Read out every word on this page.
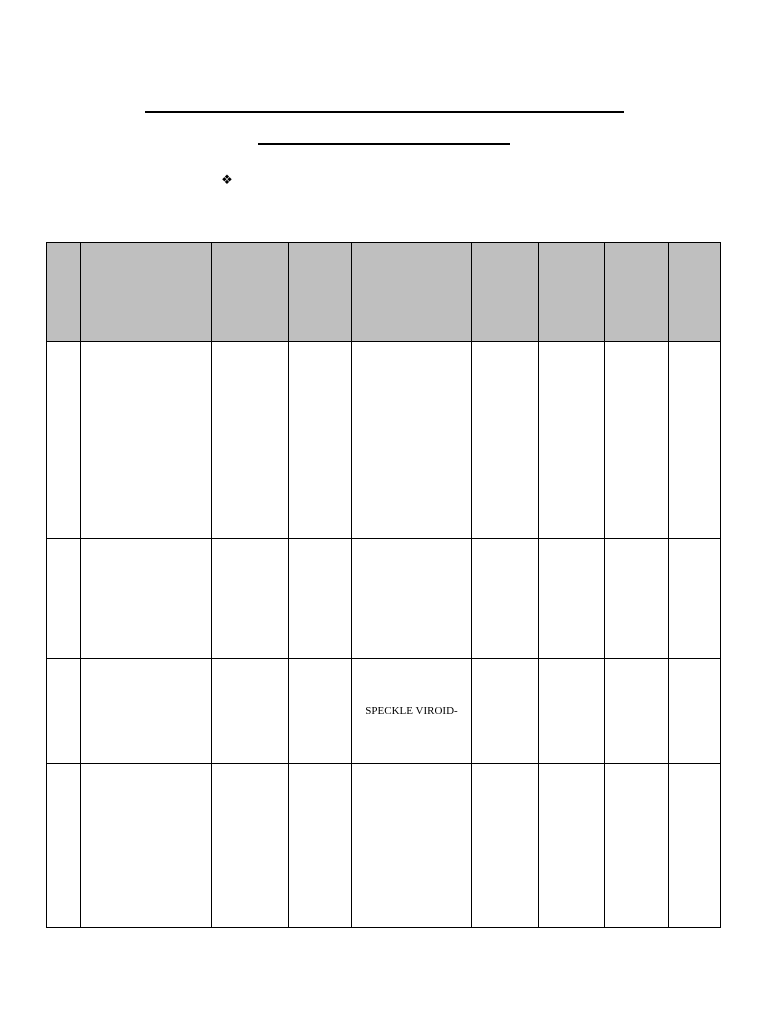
❖

				SPECKLE VIROID-				
